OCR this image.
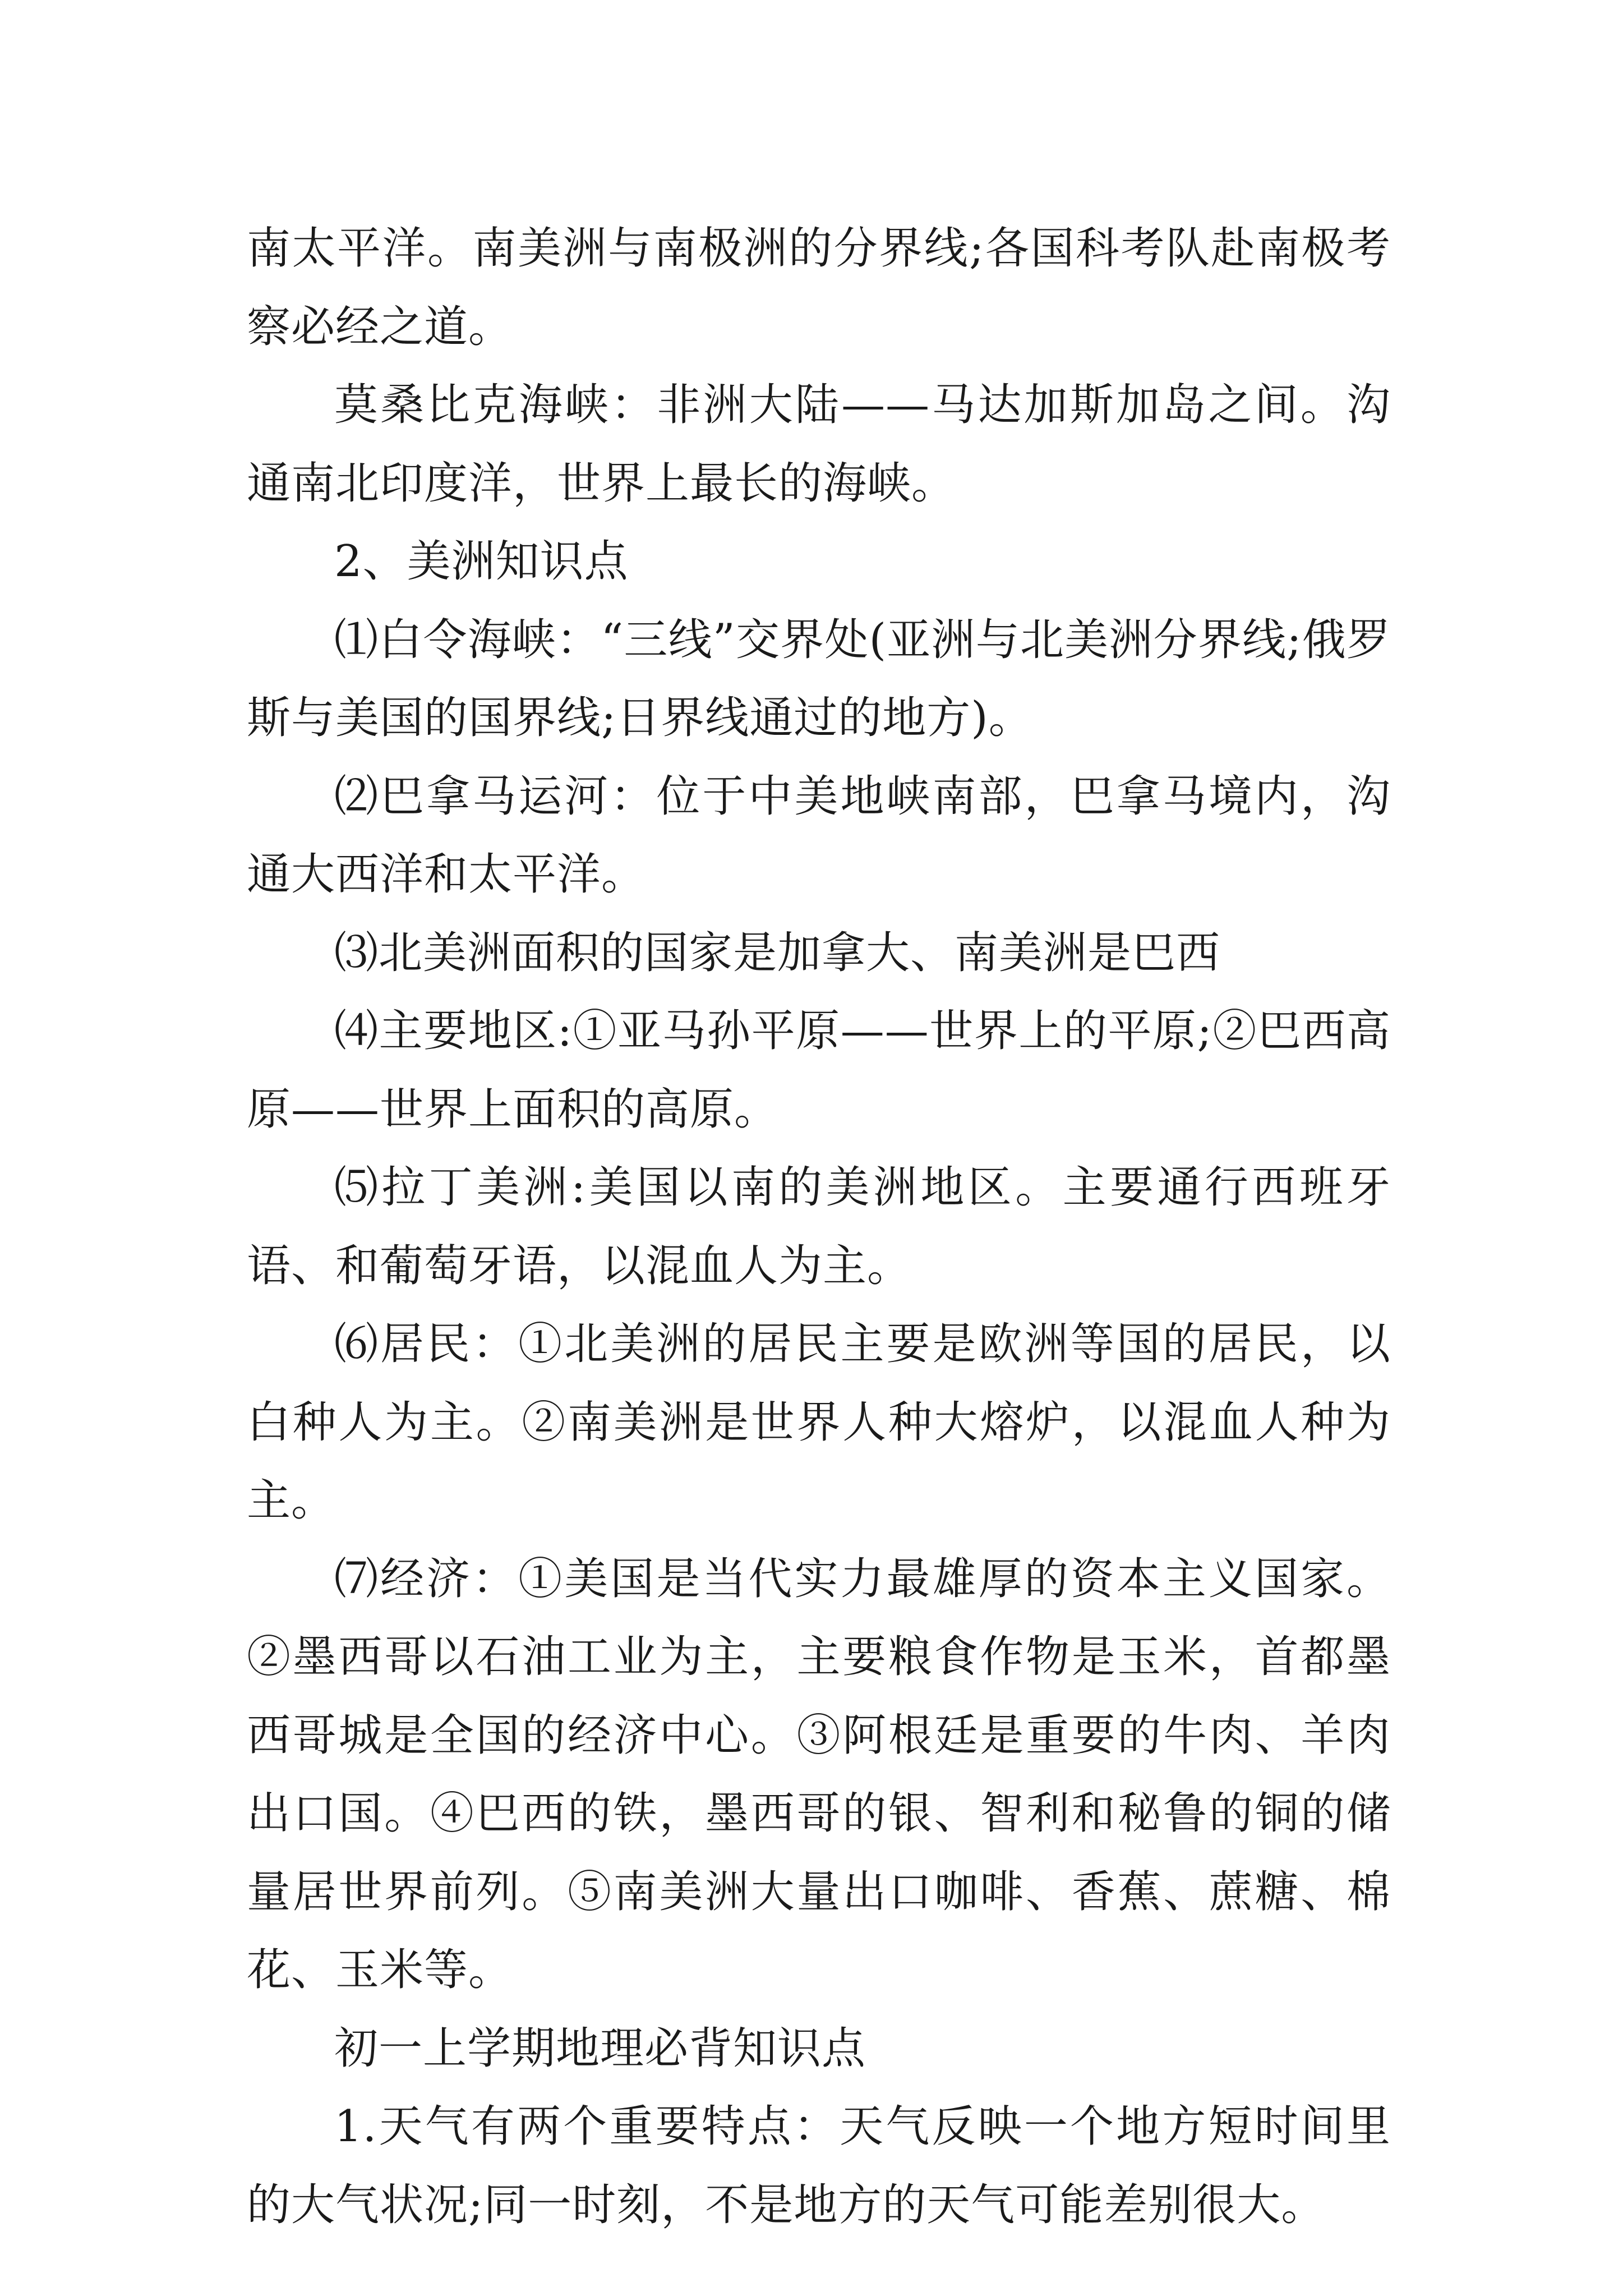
南太平洋。南美洲与南极洲的分界线;各国科考队赴南极考察必经之道。

莫桑比克海峡：非洲大陆——马达加斯加岛之间。沟通南北印度洋，世界上最长的海峡。

2、美洲知识点

⑴白令海峡：“三线”交界处(亚洲与北美洲分界线;俄罗斯与美国的国界线;日界线通过的地方)。

⑵巴拿马运河：位于中美地峡南部，巴拿马境内，沟通大西洋和太平洋。

⑶北美洲面积的国家是加拿大、南美洲是巴西

⑷主要地区:①亚马孙平原——世界上的平原;②巴西高原——世界上面积的高原。

⑸拉丁美洲:美国以南的美洲地区。主要通行西班牙语、和葡萄牙语，以混血人为主。

⑹居民：①北美洲的居民主要是欧洲等国的居民，以白种人为主。②南美洲是世界人种大熔炉，以混血人种为主。

⑺经济：①美国是当代实力最雄厚的资本主义国家。②墨西哥以石油工业为主，主要粮食作物是玉米，首都墨西哥城是全国的经济中心。③阿根廷是重要的牛肉、羊肉出口国。④巴西的铁，墨西哥的银、智利和秘鲁的铜的储量居世界前列。⑤南美洲大量出口咖啡、香蕉、蔗糖、棉花、玉米等。

初一上学期地理必背知识点

1.天气有两个重要特点：天气反映一个地方短时间里的大气状况;同一时刻，不是地方的天气可能差别很大。
